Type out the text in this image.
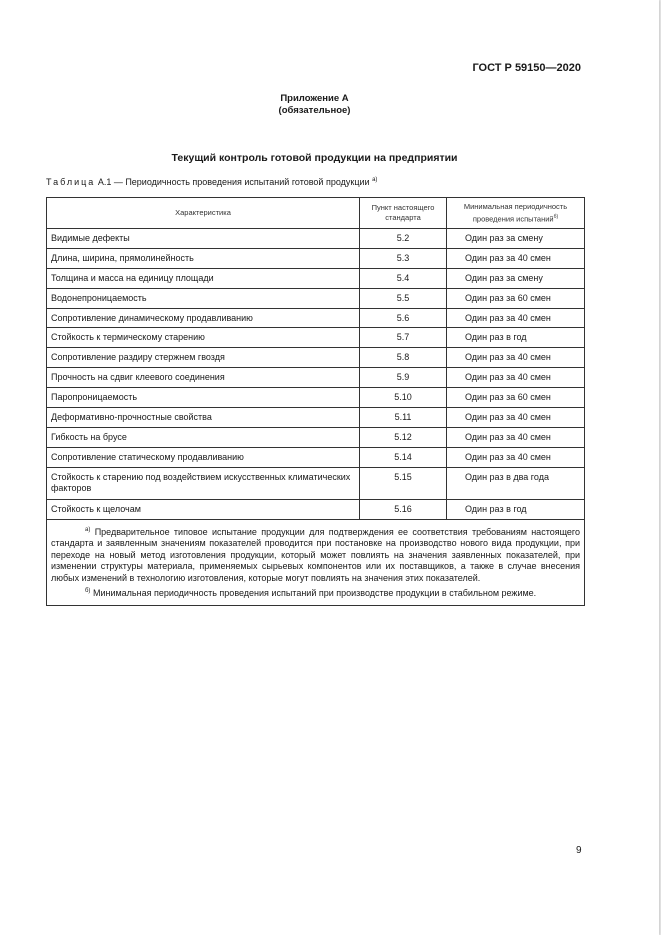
ГОСТ Р 59150—2020
Приложение А
(обязательное)
Текущий контроль готовой продукции на предприятии
Таблица А.1 — Периодичность проведения испытаний готовой продукции $^{а)}$
Характеристика	Пункт настоящего стандарта	Минимальная периодичность проведения испытаний$^{б)}$
Видимые дефекты	5.2	Один раз за смену
Длина, ширина, прямолинейность	5.3	Один раз за 40 смен
Толщина и масса на единицу площади	5.4	Один раз за смену
Водонепроницаемость	5.5	Один раз за 60 смен
Сопротивление динамическому продавливанию	5.6	Один раз за 40 смен
Стойкость к термическому старению	5.7	Один раз в год
Сопротивление раздиру стержнем гвоздя	5.8	Один раз за 40 смен
Прочность на сдвиг клеевого соединения	5.9	Один раз за 40 смен
Паропроницаемость	5.10	Один раз за 60 смен
Деформативно-прочностные свойства	5.11	Один раз за 40 смен
Гибкость на брусе	5.12	Один раз за 40 смен
Сопротивление статическому продавливанию	5.14	Один раз за 40 смен
Стойкость к старению под воздействием искусственных климатических факторов	5.15	Один раз в два года
Стойкость к щелочам	5.16	Один раз в год

$^{а)}$ Предварительное типовое испытание продукции для подтверждения ее соответствия требованиям настоящего стандарта и заявленным значениям показателей проводится при постановке на производство нового вида продукции, при переходе на новый метод изготовления продукции, который может повлиять на значения заявленных показателей, при изменении структуры материала, применяемых сырьевых компонентов или их поставщиков, а также в случае внесения любых изменений в технологию изготовления, которые могут повлиять на значения этих показателей.

$^{б)}$ Минимальная периодичность проведения испытаний при производстве продукции в стабильном режиме.		

9
